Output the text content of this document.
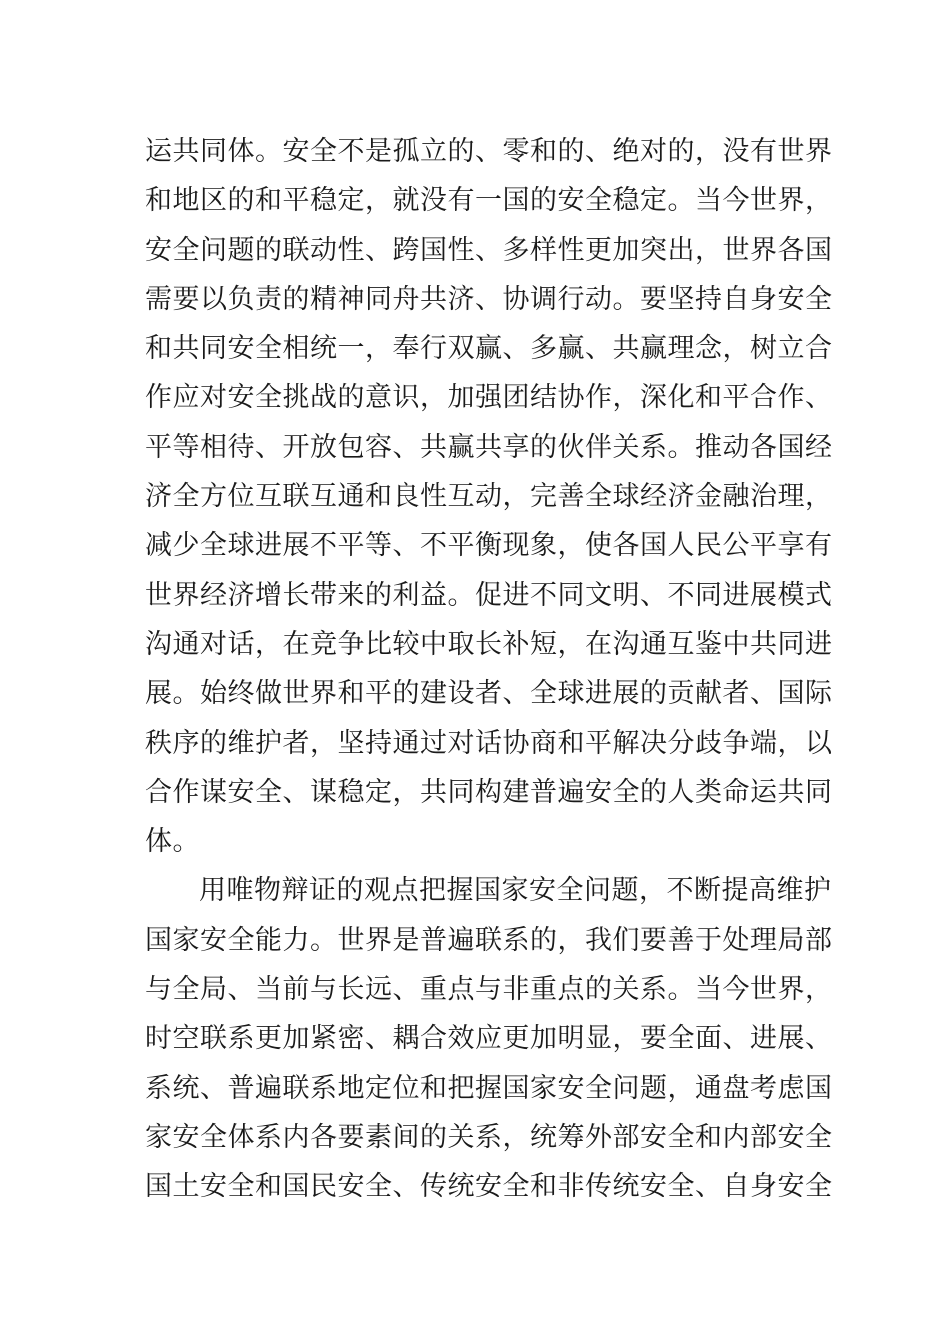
运共同体。安全不是孤立的、零和的、绝对的，没有世界
和地区的和平稳定，就没有一国的安全稳定。当今世界，
安全问题的联动性、跨国性、多样性更加突出，世界各国
需要以负责的精神同舟共济、协调行动。要坚持自身安全
和共同安全相统一，奉行双赢、多赢、共赢理念，树立合
作应对安全挑战的意识，加强团结协作，深化和平合作、
平等相待、开放包容、共赢共享的伙伴关系。推动各国经
济全方位互联互通和良性互动，完善全球经济金融治理，
减少全球进展不平等、不平衡现象，使各国人民公平享有
世界经济增长带来的利益。促进不同文明、不同进展模式
沟通对话，在竞争比较中取长补短，在沟通互鉴中共同进
展。始终做世界和平的建设者、全球进展的贡献者、国际
秩序的维护者，坚持通过对话协商和平解决分歧争端，以
合作谋安全、谋稳定，共同构建普遍安全的人类命运共同
体。
用唯物辩证的观点把握国家安全问题，不断提高维护
国家安全能力。世界是普遍联系的，我们要善于处理局部
与全局、当前与长远、重点与非重点的关系。当今世界，
时空联系更加紧密、耦合效应更加明显，要全面、进展、
系统、普遍联系地定位和把握国家安全问题，通盘考虑国
家安全体系内各要素间的关系，统筹外部安全和内部安全
国土安全和国民安全、传统安全和非传统安全、自身安全
